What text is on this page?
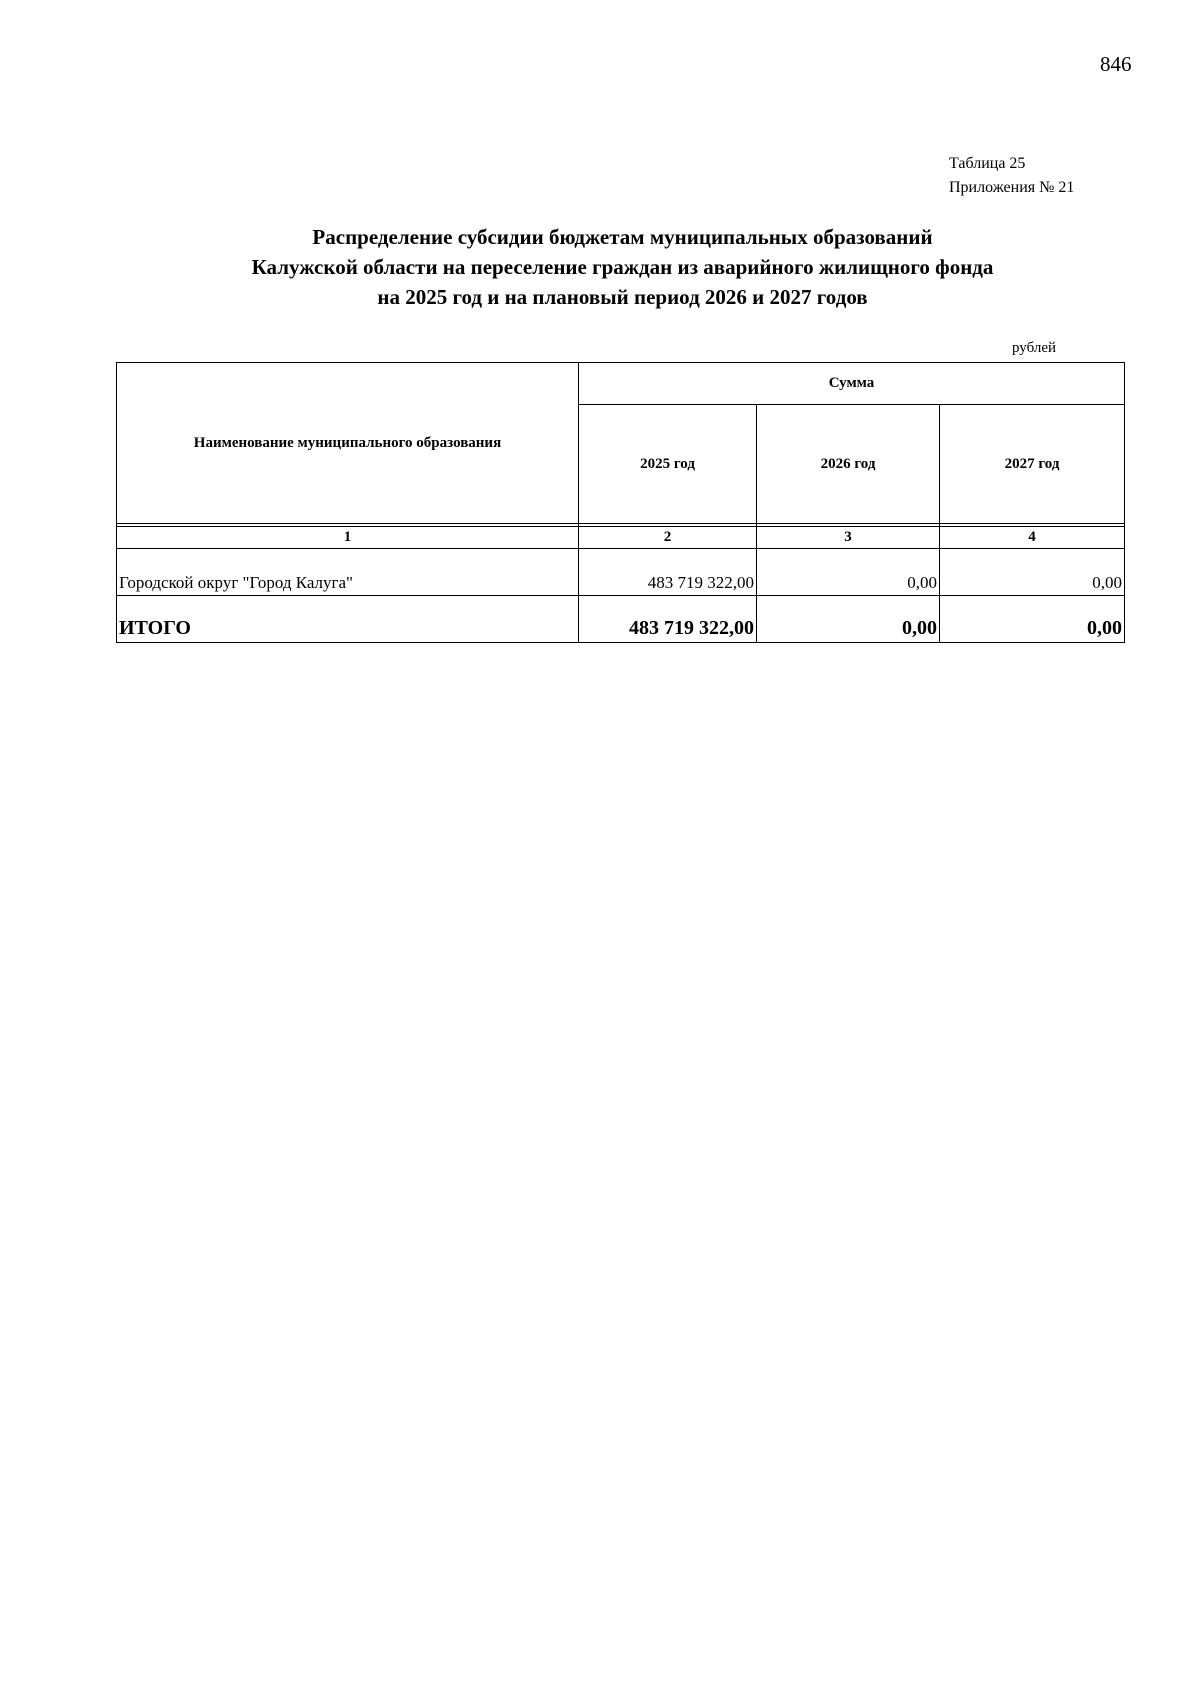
846
Таблица 25
Приложения № 21
Распределение субсидии бюджетам муниципальных образований
Калужской области на переселение граждан из аварийного жилищного фонда
на 2025 год и на плановый период 2026 и 2027 годов
рублей
Наименование муниципального образования	Сумма		
	2025 год	2026 год	2027 год

1	2	3	4
Городской округ "Город Калуга"	483 719 322,00	0,00	0,00
ИТОГО	483 719 322,00	0,00	0,00
